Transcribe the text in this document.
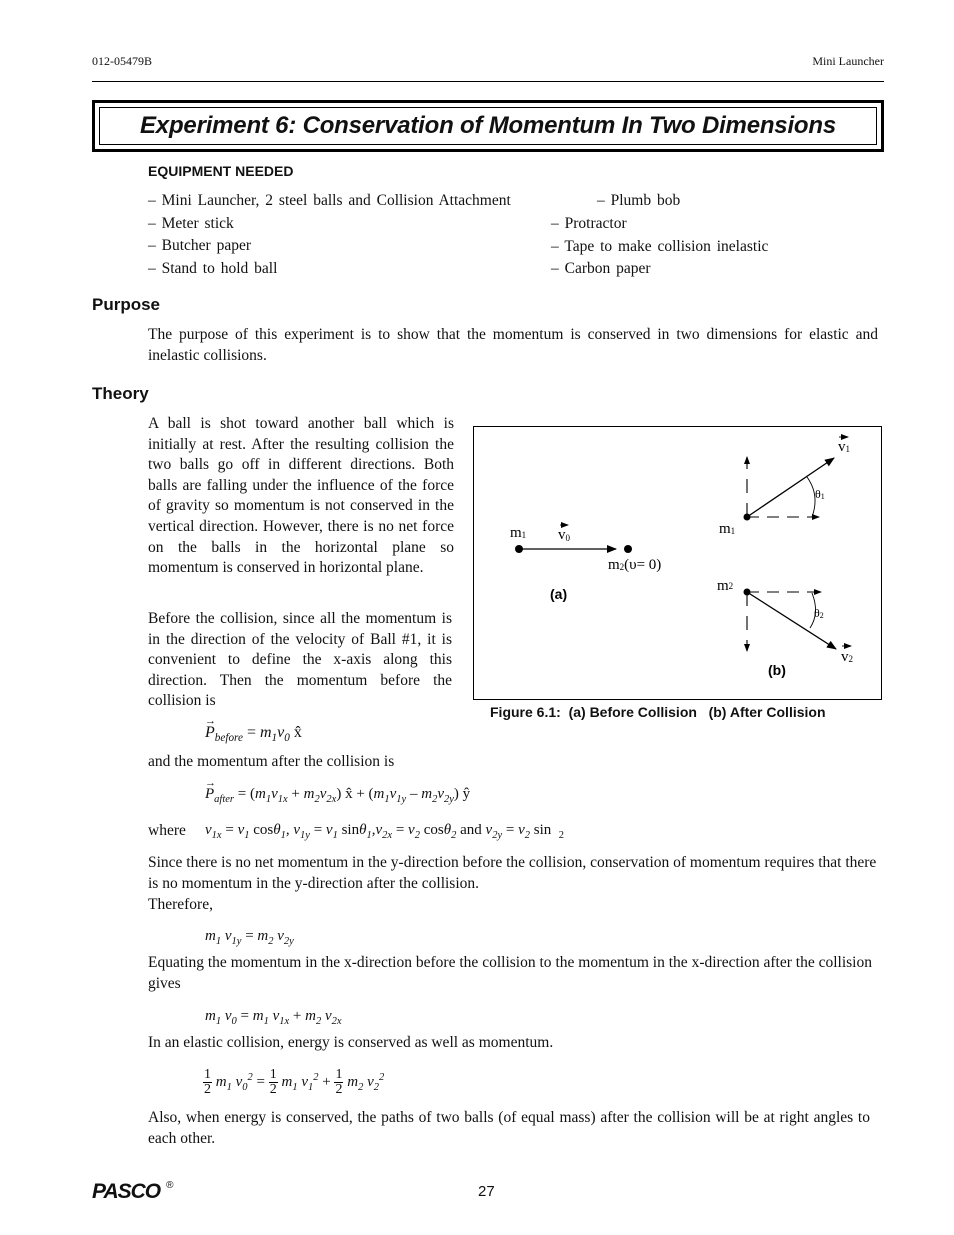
012-05479B	Mini Launcher
Experiment 6: Conservation of Momentum In Two Dimensions
EQUIPMENT NEEDED
– Mini Launcher, 2 steel balls and Collision Attachment
– Meter stick
– Butcher paper
– Stand to hold ball
– Plumb bob
– Protractor
– Tape to make collision inelastic
– Carbon paper
Purpose
The purpose of this experiment is to show that the momentum is conserved in two dimensions for elastic and inelastic collisions.
Theory
A ball is shot toward another ball which is initially at rest. After the resulting collision the two balls go off in different directions. Both balls are falling under the influence of the force of gravity so momentum is not conserved in the vertical direction. However, there is no net force on the balls in the horizontal plane so momentum is conserved in horizontal plane.
Before the collision, since all the momentum is in the direction of the velocity of Ball #1, it is convenient to define the x-axis along this direction. Then the momentum before the collision is
m1 v0
m2(υ= 0)
(a)
m1
θ1
v1
m2
θ2
v2
(b)
Figure 6.1:  (a) Before Collision   (b) After Collision
P
→
$_{before} = m_1v_0$ x̂
and the momentum after the collision is
P
→
$_{after} = (m_1v_{1x} + m_2v_{2x})$ x̂ + $(m_1v_{1y} - m_2v_{2y})$ ŷ
where $v_{1x} = v_1$ cosθ$_1$, $v_{1y} = v_1$ $\sin\theta_1,v_{2x} = v_2$ cosθ$_2$ and $v_{2y} = v_2$ sin  $_2$
Since there is no net momentum in the y-direction before the collision, conservation of momentum requires that there is no momentum in the y-direction after the collision.
Therefore,
$m_1$ $v_{1y} = m_2$ $v_{2y}$
Equating the momentum in the x-direction before the collision to the momentum in the x-direction after the collision gives
$m_1$ $v_0 = m_1$ $v_{1x} + m_2$ $v_{2x}$
In an elastic collision, energy is conserved as well as momentum.
$\frac{1}{2} m_1$ $v_0^2 = \frac{1}{2} m_1$ $v_1^2 + \frac{1}{2} m_2$ $v_2^2$
Also, when energy is conserved, the paths of two balls (of equal mass) after the collision will be at right angles to each other.
PASCO ®	27
